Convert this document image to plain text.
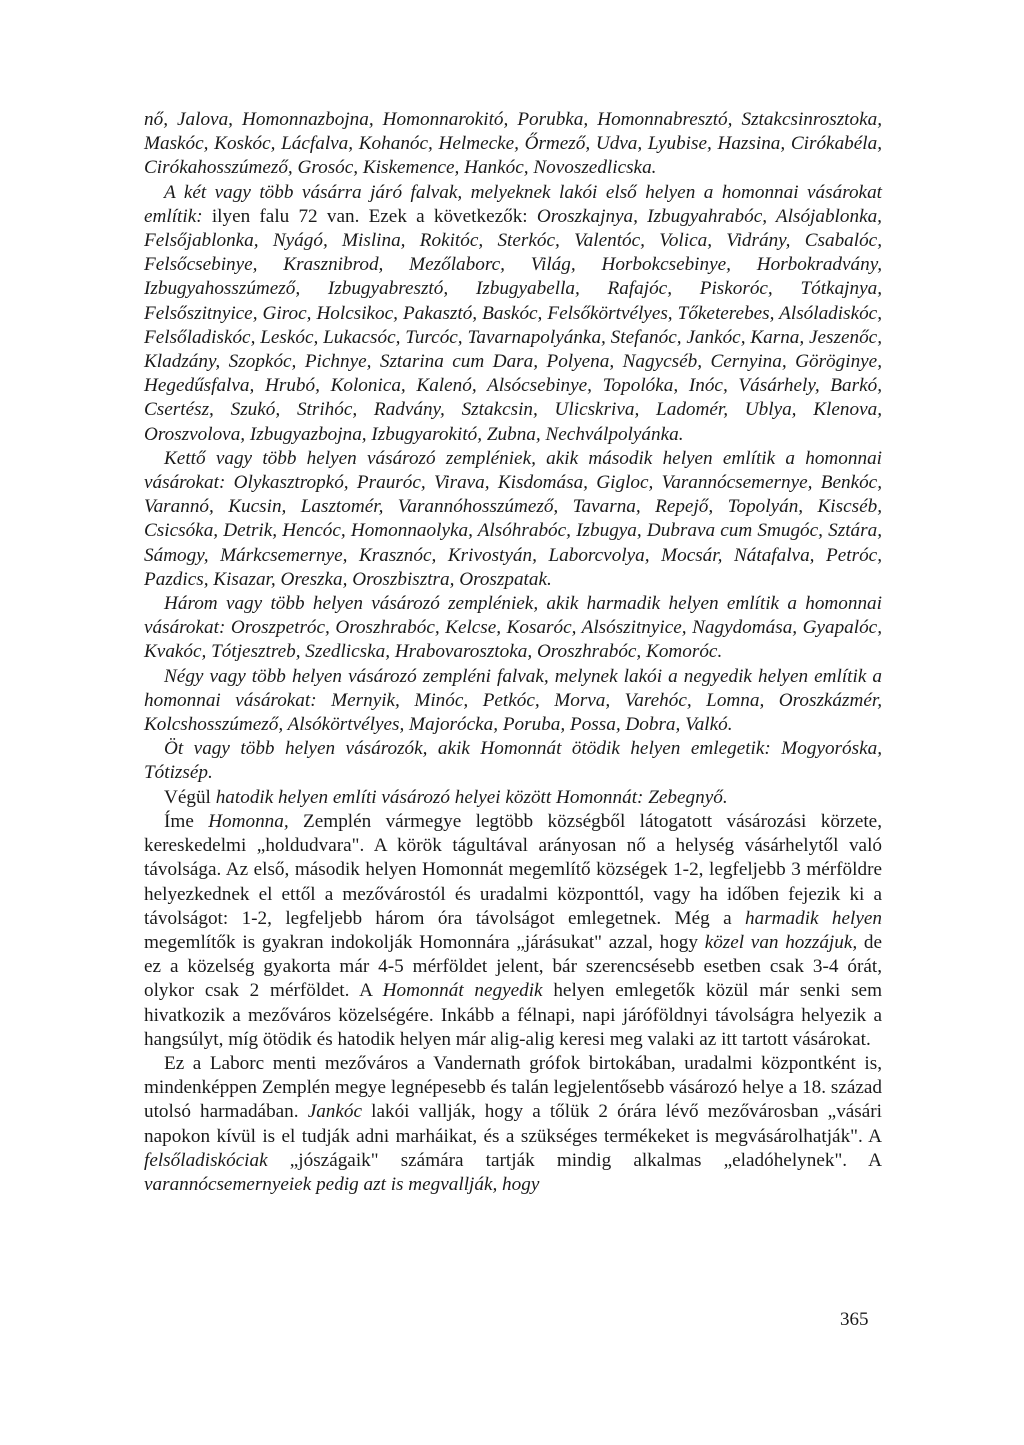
nő, Jalova, Homonnazbojna, Homonnarokitó, Porubka, Homonnabresztó, Sztakcsinrosztoka, Maskóc, Koskóc, Lácfalva, Kohanóc, Helmecke, Őrmező, Udva, Lyubise, Hazsina, Cirókabéla, Cirókahosszúmező, Grosóc, Kiskemence, Hankóc, Novoszedlicska.

A két vagy több vásárra járó falvak, melyeknek lakói első helyen a homonnai vásárokat említik: ilyen falu 72 van. Ezek a következők: Oroszkajnya, Izbugyahrabóc, Alsójablonka, Felsőjablonka, Nyágó, Mislina, Rokitóc, Sterkóc, Valentóc, Volica, Vidrány, Csabalóc, Felsőcsebinye, Krasznibrod, Mezőlaborc, Világ, Horbokcsebinye, Horbokradvány, Izbugyahosszúmező, Izbugyabresztó, Izbugyabella, Rafajóc, Piskoróc, Tótkajnya, Felsőszitnyice, Giroc, Holcsikoc, Pakasztó, Baskóc, Felsőkörtvélyes, Tőketerebes, Alsóladiskóc, Felsőladiskóc, Leskóc, Lukacsóc, Turcóc, Tavarnapolyánka, Stefanóc, Jankóc, Karna, Jeszenőc, Kladzány, Szopkóc, Pichnye, Sztarina cum Dara, Polyena, Nagycséb, Cernyina, Göröginye, Hegedűsfalva, Hrubó, Kolonica, Kalenó, Alsócsebinye, Topolóka, Inóc, Vásárhely, Barkó, Csertész, Szukó, Strihóc, Radvány, Sztakcsin, Ulicskriva, Ladomér, Ublya, Klenova, Oroszvolova, Izbugyazbojna, Izbugyarokitó, Zubna, Nechválpolyánka.

Kettő vagy több helyen vásározó zempléniek, akik második helyen említik a homonnai vásárokat: Olykasztropkó, Prauróc, Virava, Kisdomása, Gigloc, Varannócsemernye, Benkóc, Varannó, Kucsin, Lasztomér, Varannóhosszúmező, Tavarna, Repejő, Topolyán, Kiscséb, Csicsóka, Detrik, Hencóc, Homonnaolyka, Alsóhrabóc, Izbugya, Dubrava cum Smugóc, Sztára, Sámogy, Márkcsemernye, Krasznóc, Krivostyán, Laborcvolya, Mocsár, Nátafalva, Petróc, Pazdics, Kisazar, Oreszka, Oroszbisztra, Oroszpatak.

Három vagy több helyen vásározó zempléniek, akik harmadik helyen említik a homonnai vásárokat: Oroszpetróc, Oroszhrabóc, Kelcse, Kosaróc, Alsószitnyice, Nagydomása, Gyapalóc, Kvakóc, Tótjesztreb, Szedlicska, Hrabovarosztoka, Oroszhrabóc, Komoróc.

Négy vagy több helyen vásározó zempléni falvak, melynek lakói a negyedik helyen említik a homonnai vásárokat: Mernyik, Minóc, Petkóc, Morva, Varehóc, Lomna, Oroszkázmér, Kolcshosszúmező, Alsókörtvélyes, Majorócka, Poruba, Possa, Dobra, Valkó.

Öt vagy több helyen vásározók, akik Homonnát ötödik helyen emlegetik: Mogyoróska, Tótizsép.

Végül hatodik helyen említi vásározó helyei között Homonnát: Zebegnyő.

Íme Homonna, Zemplén vármegye legtöbb községből látogatott vásározási körzete, kereskedelmi „holdudvara". A körök tágultával arányosan nő a helység vásárhelytől való távolsága. Az első, második helyen Homonnát megemlítő községek 1-2, legfeljebb 3 mérföldre helyezkednek el ettől a mezővárostól és uradalmi központtól, vagy ha időben fejezik ki a távolságot: 1-2, legfeljebb három óra távolságot emlegetnek. Még a harmadik helyen megemlítők is gyakran indokolják Homonnára „járásukat" azzal, hogy közel van hozzájuk, de ez a közelség gyakorta már 4-5 mérföldet jelent, bár szerencsésebb esetben csak 3-4 órát, olykor csak 2 mérföldet. A Homonnát negyedik helyen emlegetők közül már senki sem hivatkozik a mezőváros közelségére. Inkább a félnapi, napi járóföldnyi távolságra helyezik a hangsúlyt, míg ötödik és hatodik helyen már alig-alig keresi meg valaki az itt tartott vásárokat.

Ez a Laborc menti mezőváros a Vandernath grófok birtokában, uradalmi központként is, mindenképpen Zemplén megye legnépesebb és talán legjelentősebb vásározó helye a 18. század utolsó harmadában. Jankóc lakói vallják, hogy a tőlük 2 órára lévő mezővárosban „vásári napokon kívül is el tudják adni marháikat, és a szükséges termékeket is megvásárolhatják". A felsőladiskóciak „jószágaik" számára tartják mindig alkalmas „eladóhelynek". A varannócsemernyeiek pedig azt is megvallják, hogy

365
